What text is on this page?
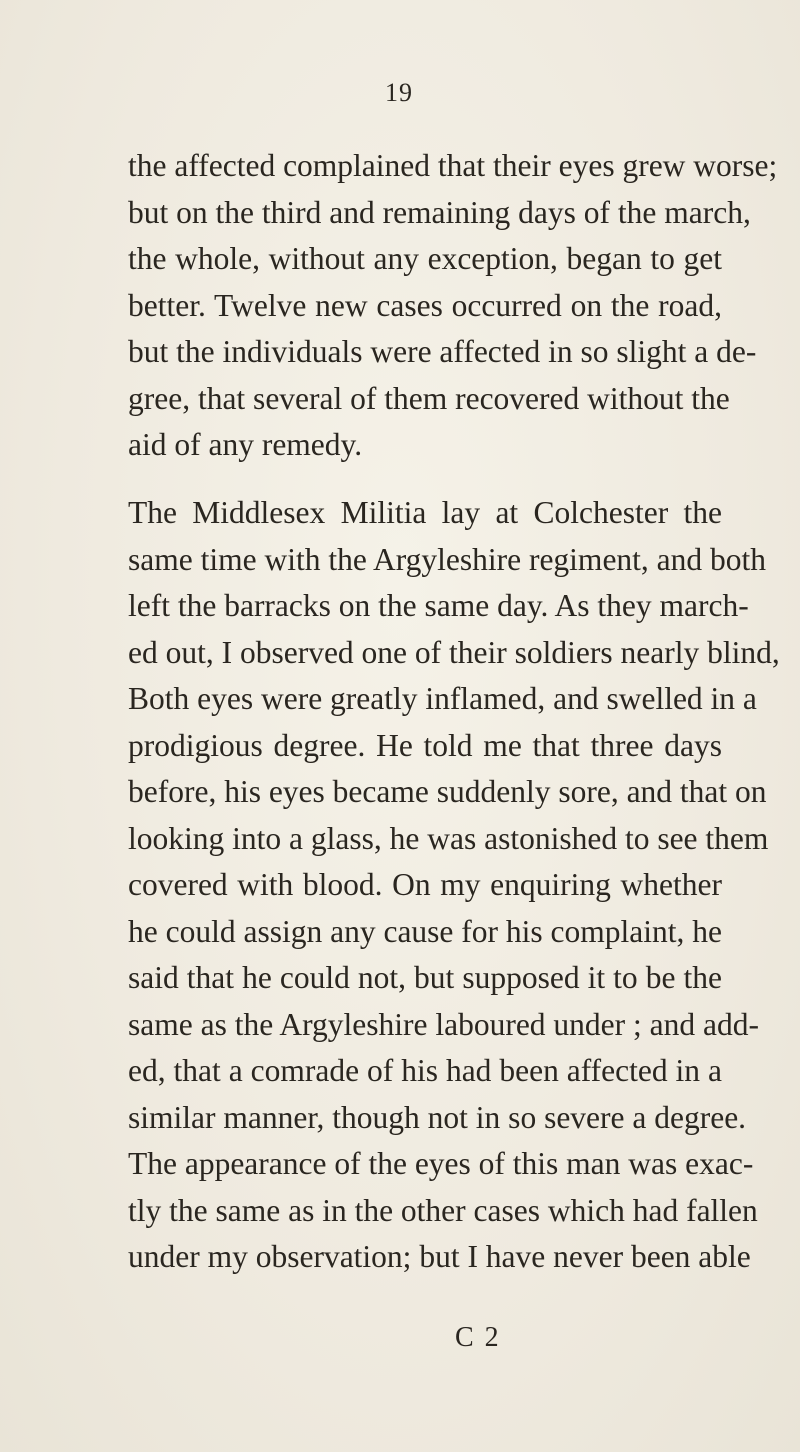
19
the affected complained that their eyes grew worse;
but on the third and remaining days of the march,
the whole, without any exception, began to get
better. Twelve new cases occurred on the road,
but the individuals were affected in so slight a de-
gree, that several of them recovered without the
aid of any remedy.
The Middlesex Militia lay at Colchester the
same time with the Argyleshire regiment, and both
left the barracks on the same day. As they march-
ed out, I observed one of their soldiers nearly blind,
Both eyes were greatly inflamed, and swelled in a
prodigious degree. He told me that three days
before, his eyes became suddenly sore, and that on
looking into a glass, he was astonished to see them
covered with blood. On my enquiring whether
he could assign any cause for his complaint, he
said that he could not, but supposed it to be the
same as the Argyleshire laboured under ; and add-
ed, that a comrade of his had been affected in a
similar manner, though not in so severe a degree.
The appearance of the eyes of this man was exac-
tly the same as in the other cases which had fallen
under my observation; but I have never been able
C 2
